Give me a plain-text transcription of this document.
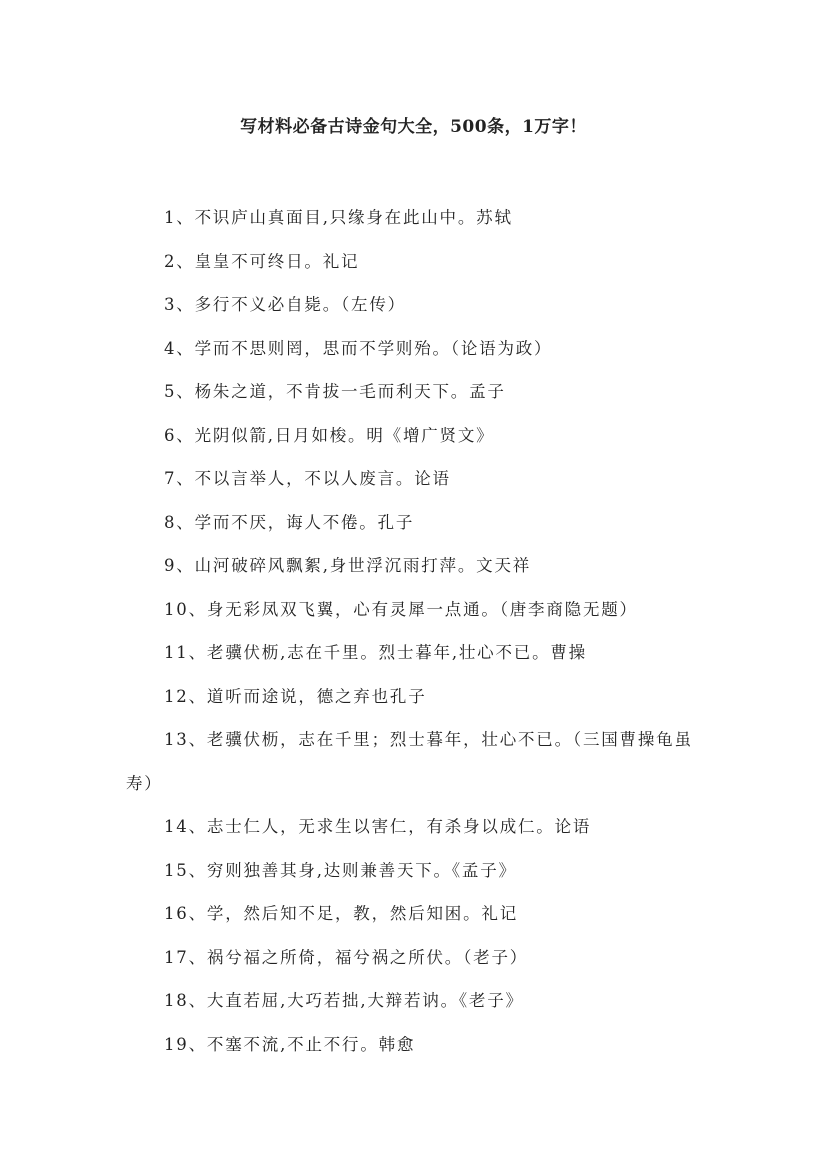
写材料必备古诗金句大全，500条，1万字！
1、不识庐山真面目,只缘身在此山中。苏轼
2、皇皇不可终日。礼记
3、多行不义必自毙。（左传）
4、学而不思则罔，思而不学则殆。（论语为政）
5、杨朱之道，不肯拔一毛而利天下。孟子
6、光阴似箭,日月如梭。明《增广贤文》
7、不以言举人，不以人废言。论语
8、学而不厌，诲人不倦。孔子
9、山河破碎风飘絮,身世浮沉雨打萍。文天祥
10、身无彩凤双飞翼，心有灵犀一点通。（唐李商隐无题）
11、老骥伏枥,志在千里。烈士暮年,壮心不已。曹操
12、道听而途说，德之弃也孔子
13、老骥伏枥，志在千里；烈士暮年，壮心不已。（三国曹操龟虽寿）
14、志士仁人，无求生以害仁，有杀身以成仁。论语
15、穷则独善其身,达则兼善天下。《孟子》
16、学，然后知不足，教，然后知困。礼记
17、祸兮福之所倚，福兮祸之所伏。（老子）
18、大直若屈,大巧若拙,大辩若讷。《老子》
19、不塞不流,不止不行。韩愈
